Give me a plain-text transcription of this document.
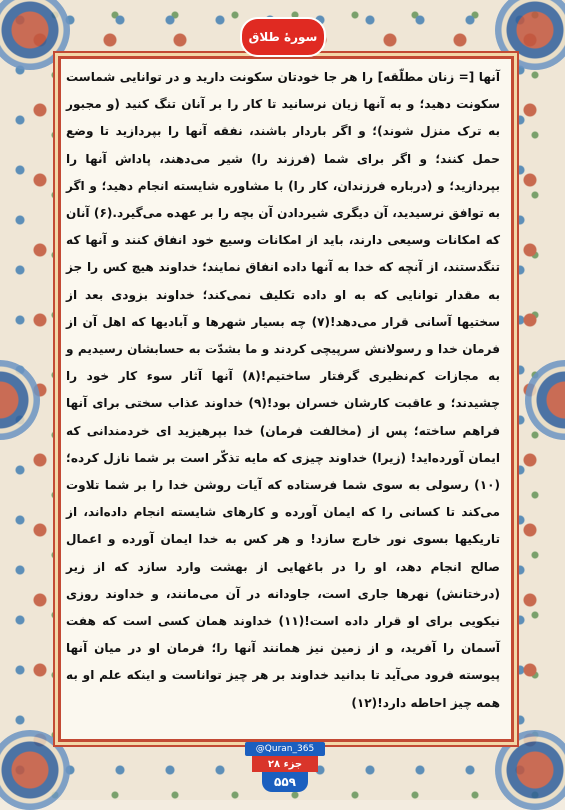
سورۀ طلاق
آنها [= زنان مطلّقه] را هر جا خودتان سکونت دارید و در توانایی شماست سکونت دهید؛ و به آنها زیان نرسانید تا کار را بر آنان تنگ کنید (و مجبور به ترک منزل شوند)؛ و اگر باردار باشند، نفقه آنها را بپردازید تا وضع حمل کنند؛ و اگر برای شما (فرزند را) شیر می‌دهند، پاداش آنها را بپردازید؛ و (درباره فرزندان، کار را) با مشاوره شایسته انجام دهید؛ و اگر به توافق نرسیدید، آن دیگری شیردادن آن بچه را بر عهده می‌گیرد.(۶) آنان که امکانات وسیعی دارند، باید از امکانات وسیع خود انفاق کنند و آنها که تنگدستند، از آنچه که خدا به آنها داده انفاق نمایند؛ خداوند هیچ کس را جز به مقدار توانایی که به او داده تکلیف نمی‌کند؛ خداوند بزودی بعد از سختیها آسانی قرار می‌دهد!(۷) چه بسیار شهرها و آبادیها که اهل آن از فرمان خدا و رسولانش سرپیچی کردند و ما بشدّت به حسابشان رسیدیم و به مجازات کم‌نظیری گرفتار ساختیم!(۸) آنها آثار سوء کار خود را چشیدند؛ و عاقبت کارشان خسران بود!(۹) خداوند عذاب سختی برای آنها فراهم ساخته؛ پس از (مخالفت فرمان) خدا بپرهیزید ای خردمندانی که ایمان آورده‌اید! (زیرا) خداوند چیزی که مایه تذکّر است بر شما نازل کرده؛(۱۰) رسولی به سوی شما فرستاده که آیات روشن خدا را بر شما تلاوت می‌کند تا کسانی را که ایمان آورده و کارهای شایسته انجام داده‌اند، از تاریکیها بسوی نور خارج سازد! و هر کس به خدا ایمان آورده و اعمال صالح انجام دهد، او را در باغهایی از بهشت وارد سازد که از زیر (درختانش) نهرها جاری است، جاودانه در آن می‌مانند، و خداوند روزی نیکویی برای او قرار داده است!(۱۱) خداوند همان کسی است که هفت آسمان را آفرید، و از زمین نیز همانند آنها را؛ فرمان او در میان آنها پیوسته فرود می‌آید تا بدانید خداوند بر هر چیز تواناست و اینکه علم او به همه چیز احاطه دارد!(۱۲)
@Quran_365
جزء ۲۸
۵۵۹
